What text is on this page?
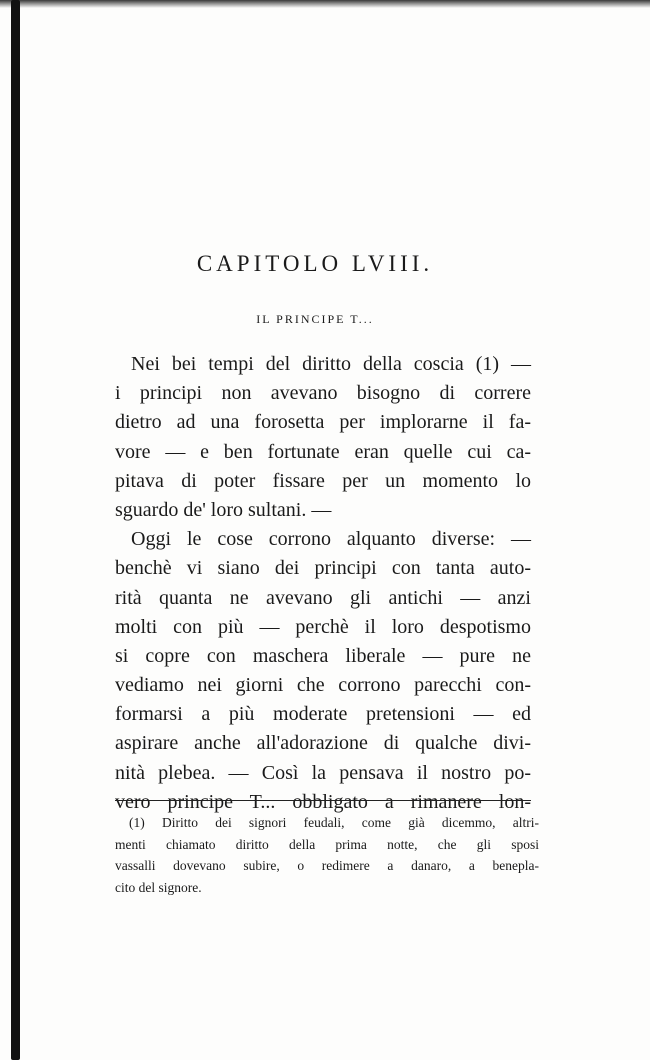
CAPITOLO LVIII.
IL PRINCIPE T...
Nei bei tempi del diritto della coscia (1) —
i principi non avevano bisogno di correre
dietro ad una forosetta per implorarne il fa-
vore — e ben fortunate eran quelle cui ca-
pitava di poter fissare per un momento lo
sguardo de' loro sultani. —
Oggi le cose corrono alquanto diverse: —
benchè vi siano dei principi con tanta auto-
rità quanta ne avevano gli antichi — anzi
molti con più — perchè il loro despotismo
si copre con maschera liberale — pure ne
vediamo nei giorni che corrono parecchi con-
formarsi a più moderate pretensioni — ed
aspirare anche all'adorazione di qualche divi-
nità plebea. — Così la pensava il nostro po-
vero principe T... obbligato a rimanere lon-
(1) Diritto dei signori feudali, come già dicemmo, altri-
menti chiamato diritto della prima notte, che gli sposi
vassalli dovevano subire, o redimere a danaro, a benepla-
cito del signore.
